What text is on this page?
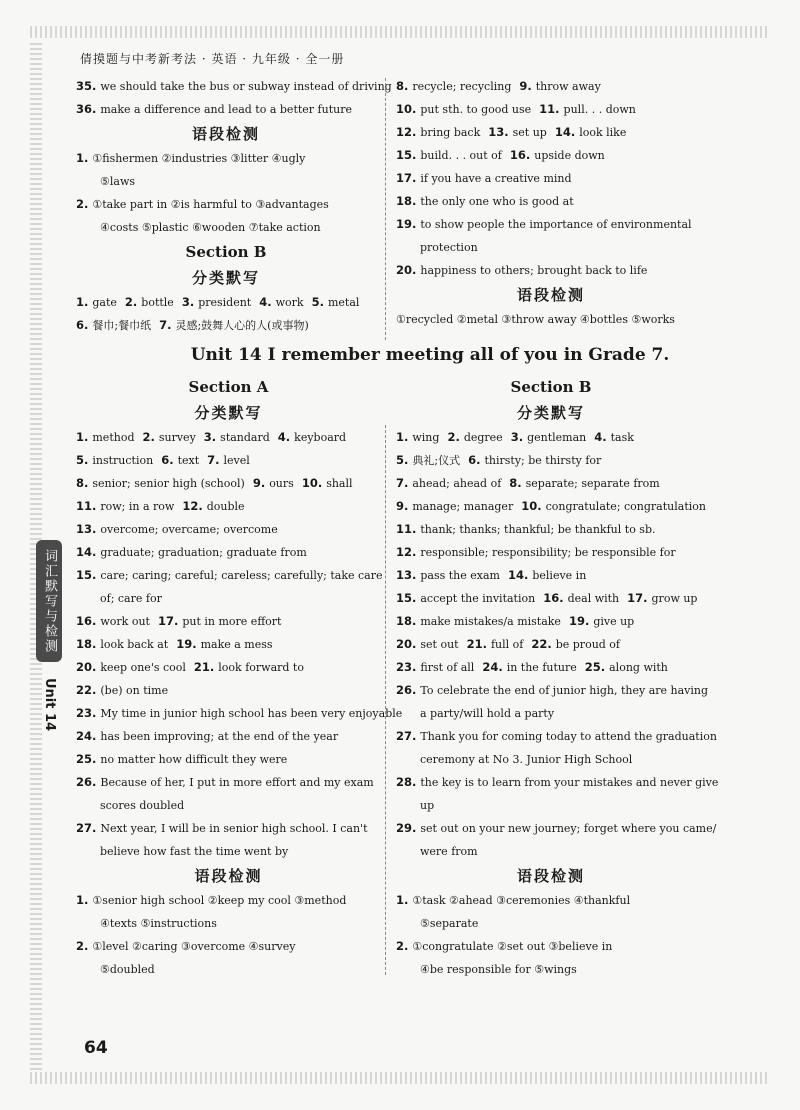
倩摸题与中考新考法 · 英语 · 九年级 · 全一册
35. we should take the bus or subway instead of driving
36. make a difference and lead to a better future
语段检测
1. ①fishermen ②industries ③litter ④ugly
⑤laws
2. ①take part in ②is harmful to ③advantages
④costs ⑤plastic ⑥wooden ⑦take action
Section B
分类默写
1. gate 2. bottle 3. president 4. work 5. metal
6. 餐巾;餐巾纸 7. 灵感;鼓舞人心的人(或事物)
8. recycle; recycling 9. throw away
10. put sth. to good use 11. pull. . . down
12. bring back 13. set up 14. look like
15. build. . . out of 16. upside down
17. if you have a creative mind
18. the only one who is good at
19. to show people the importance of environmental
protection
20. happiness to others; brought back to life
语段检测
①recycled ②metal ③throw away ④bottles ⑤works
Unit 14 I remember meeting all of you in Grade 7.
Section A
分类默写
1. method 2. survey 3. standard 4. keyboard
5. instruction 6. text 7. level
8. senior; senior high (school) 9. ours 10. shall
11. row; in a row 12. double
13. overcome; overcame; overcome
14. graduate; graduation; graduate from
15. care; caring; careful; careless; carefully; take care
of; care for
16. work out 17. put in more effort
18. look back at 19. make a mess
20. keep one's cool 21. look forward to
22. (be) on time
23. My time in junior high school has been very enjoyable
24. has been improving; at the end of the year
25. no matter how difficult they were
26. Because of her, I put in more effort and my exam
scores doubled
27. Next year, I will be in senior high school. I can't
believe how fast the time went by
语段检测
1. ①senior high school ②keep my cool ③method
④texts ⑤instructions
2. ①level ②caring ③overcome ④survey
⑤doubled
Section B
分类默写
1. wing 2. degree 3. gentleman 4. task
5. 典礼;仪式 6. thirsty; be thirsty for
7. ahead; ahead of 8. separate; separate from
9. manage; manager 10. congratulate; congratulation
11. thank; thanks; thankful; be thankful to sb.
12. responsible; responsibility; be responsible for
13. pass the exam 14. believe in
15. accept the invitation 16. deal with 17. grow up
18. make mistakes/a mistake 19. give up
20. set out 21. full of 22. be proud of
23. first of all 24. in the future 25. along with
26. To celebrate the end of junior high, they are having
a party/will hold a party
27. Thank you for coming today to attend the graduation
ceremony at No 3. Junior High School
28. the key is to learn from your mistakes and never give
up
29. set out on your new journey; forget where you came/
were from
语段检测
1. ①task ②ahead ③ceremonies ④thankful
⑤separate
2. ①congratulate ②set out ③believe in
④be responsible for ⑤wings
词汇默写与检测
Unit 14
64
